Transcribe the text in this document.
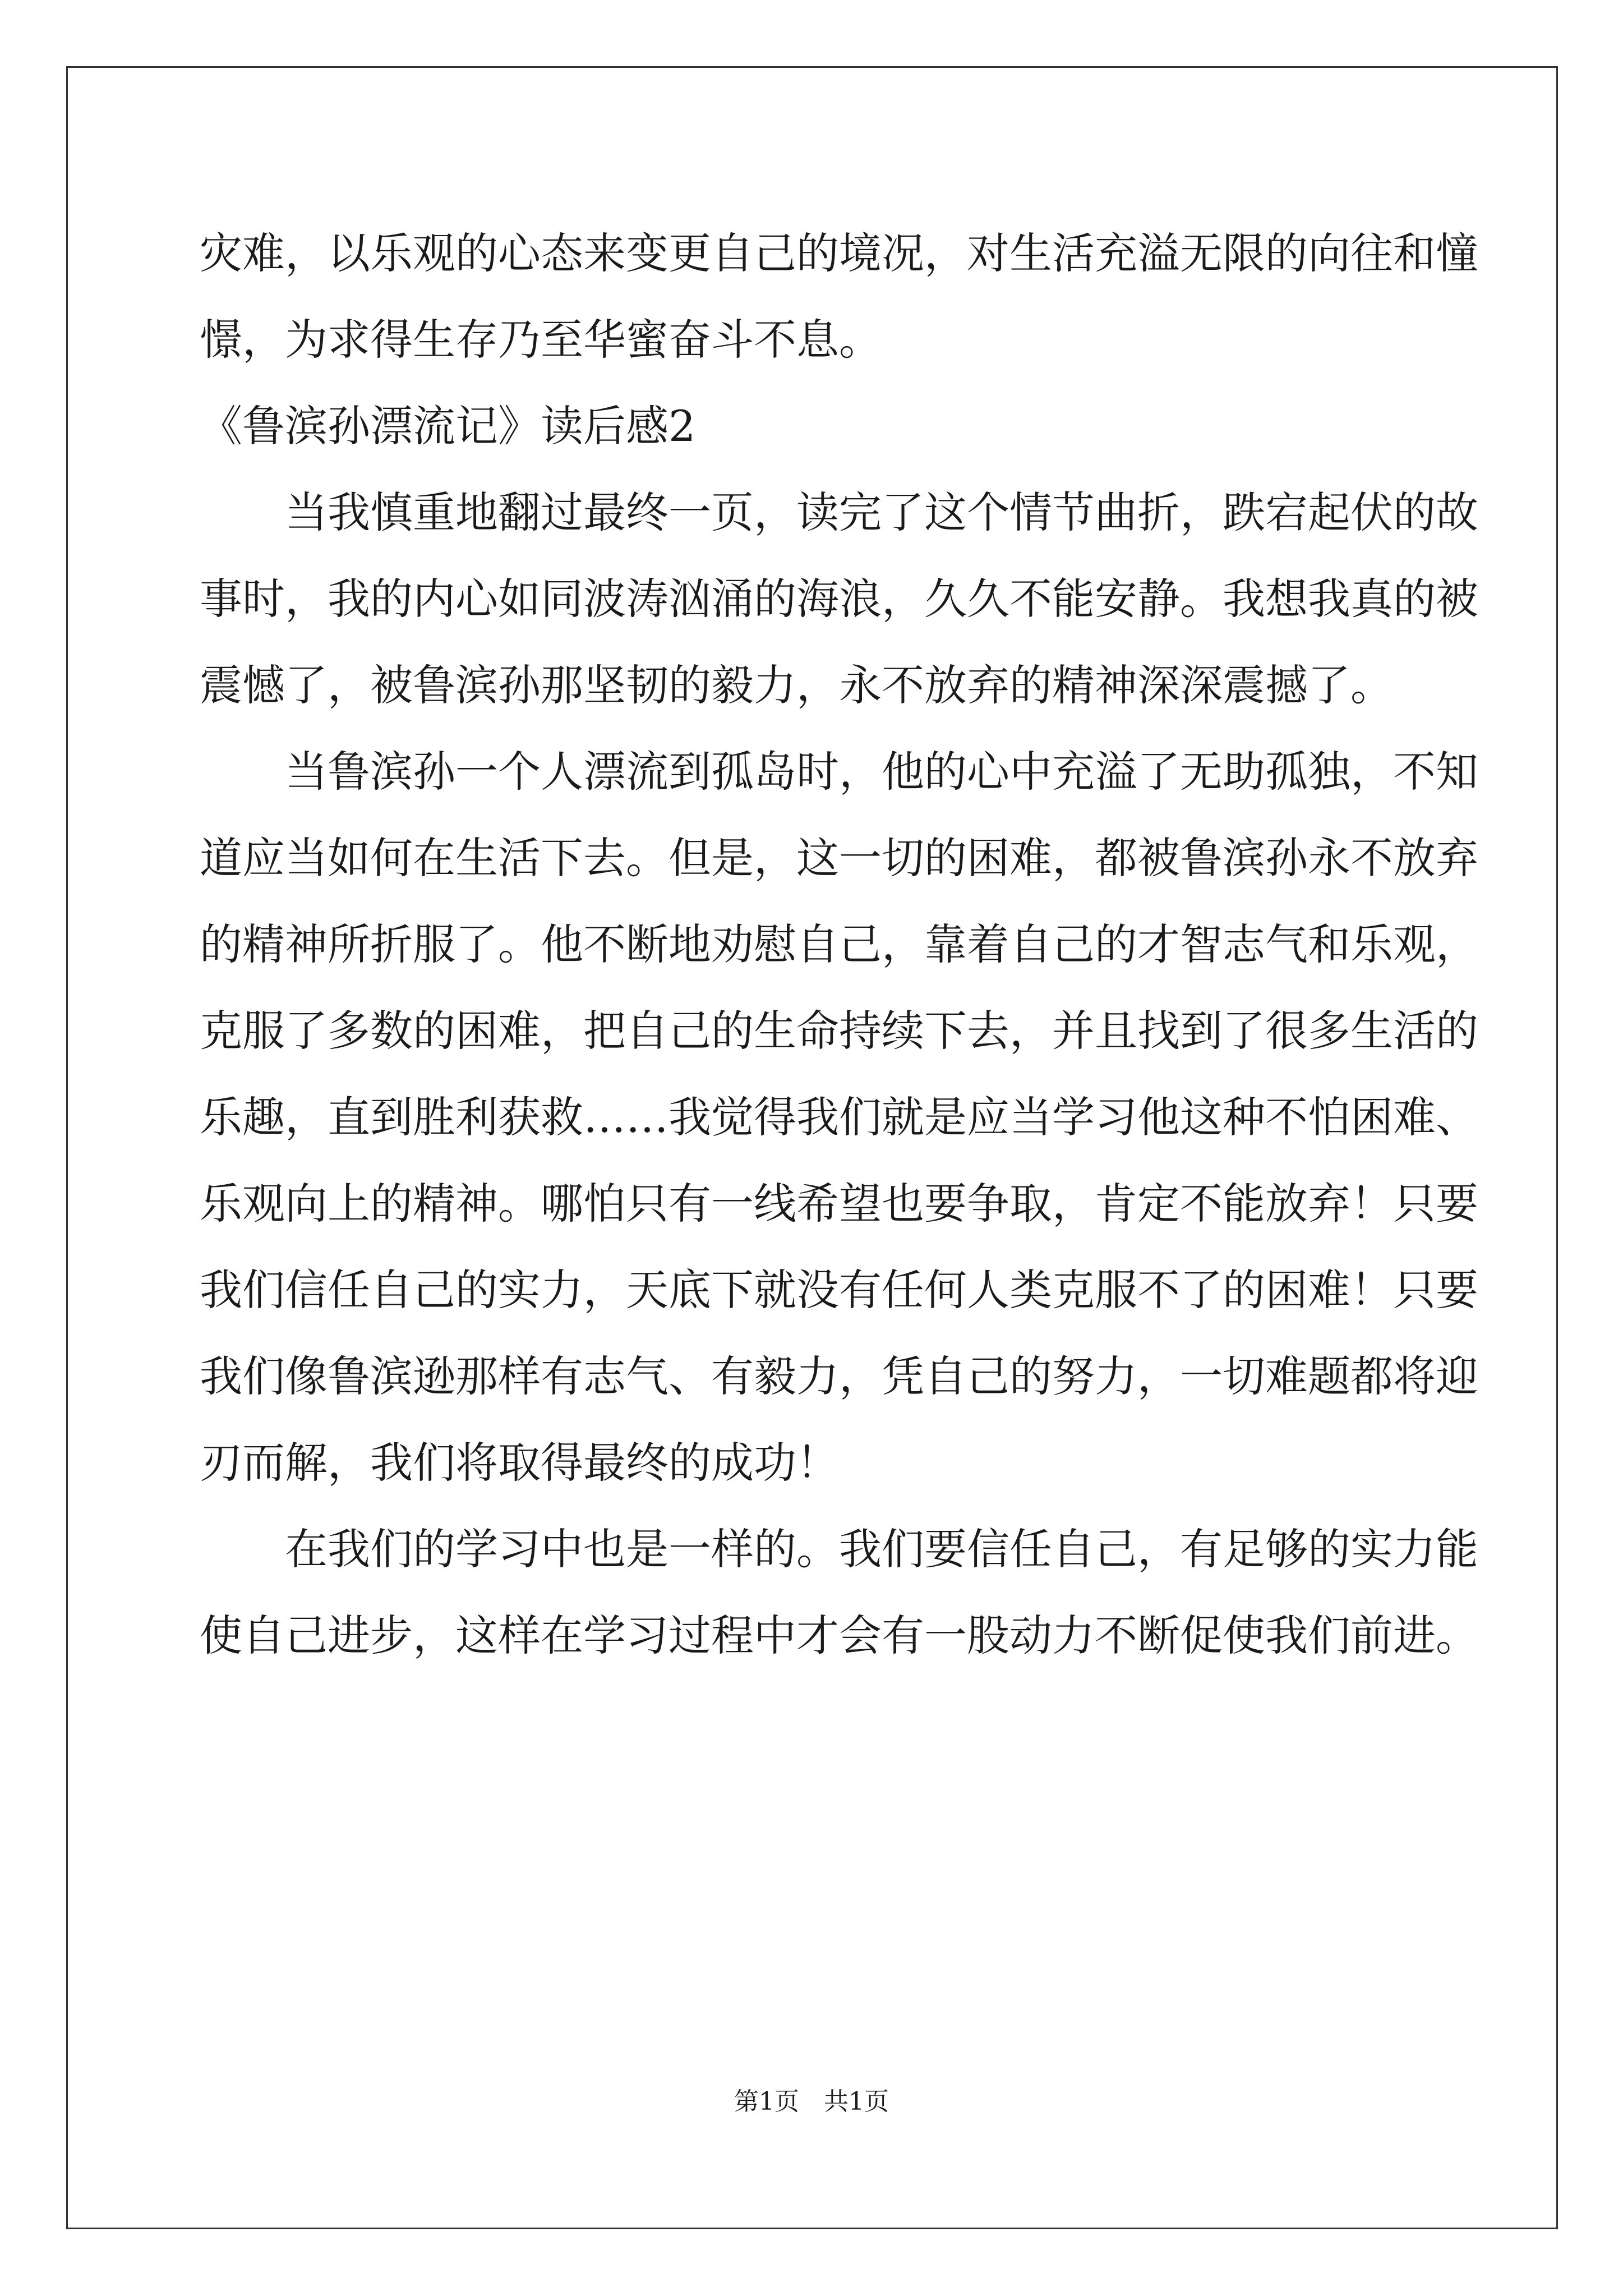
灾难，以乐观的心态来变更自己的境况，对生活充溢无限的向往和憧
憬，为求得生存乃至华蜜奋斗不息。
《鲁滨孙漂流记》读后感2
当我慎重地翻过最终一页，读完了这个情节曲折，跌宕起伏的故
事时，我的内心如同波涛汹涌的海浪，久久不能安静。我想我真的被
震憾了，被鲁滨孙那坚韧的毅力，永不放弃的精神深深震撼了。
当鲁滨孙一个人漂流到孤岛时，他的心中充溢了无助孤独，不知
道应当如何在生活下去。但是，这一切的困难，都被鲁滨孙永不放弃
的精神所折服了。他不断地劝慰自己，靠着自己的才智志气和乐观，
克服了多数的困难，把自己的生命持续下去，并且找到了很多生活的
乐趣，直到胜利获救……我觉得我们就是应当学习他这种不怕困难、
乐观向上的精神。哪怕只有一线希望也要争取，肯定不能放弃！只要
我们信任自己的实力，天底下就没有任何人类克服不了的困难！只要
我们像鲁滨逊那样有志气、有毅力，凭自己的努力，一切难题都将迎
刃而解，我们将取得最终的成功！
在我们的学习中也是一样的。我们要信任自己，有足够的实力能
使自己进步，这样在学习过程中才会有一股动力不断促使我们前进。
第1页 共1页
